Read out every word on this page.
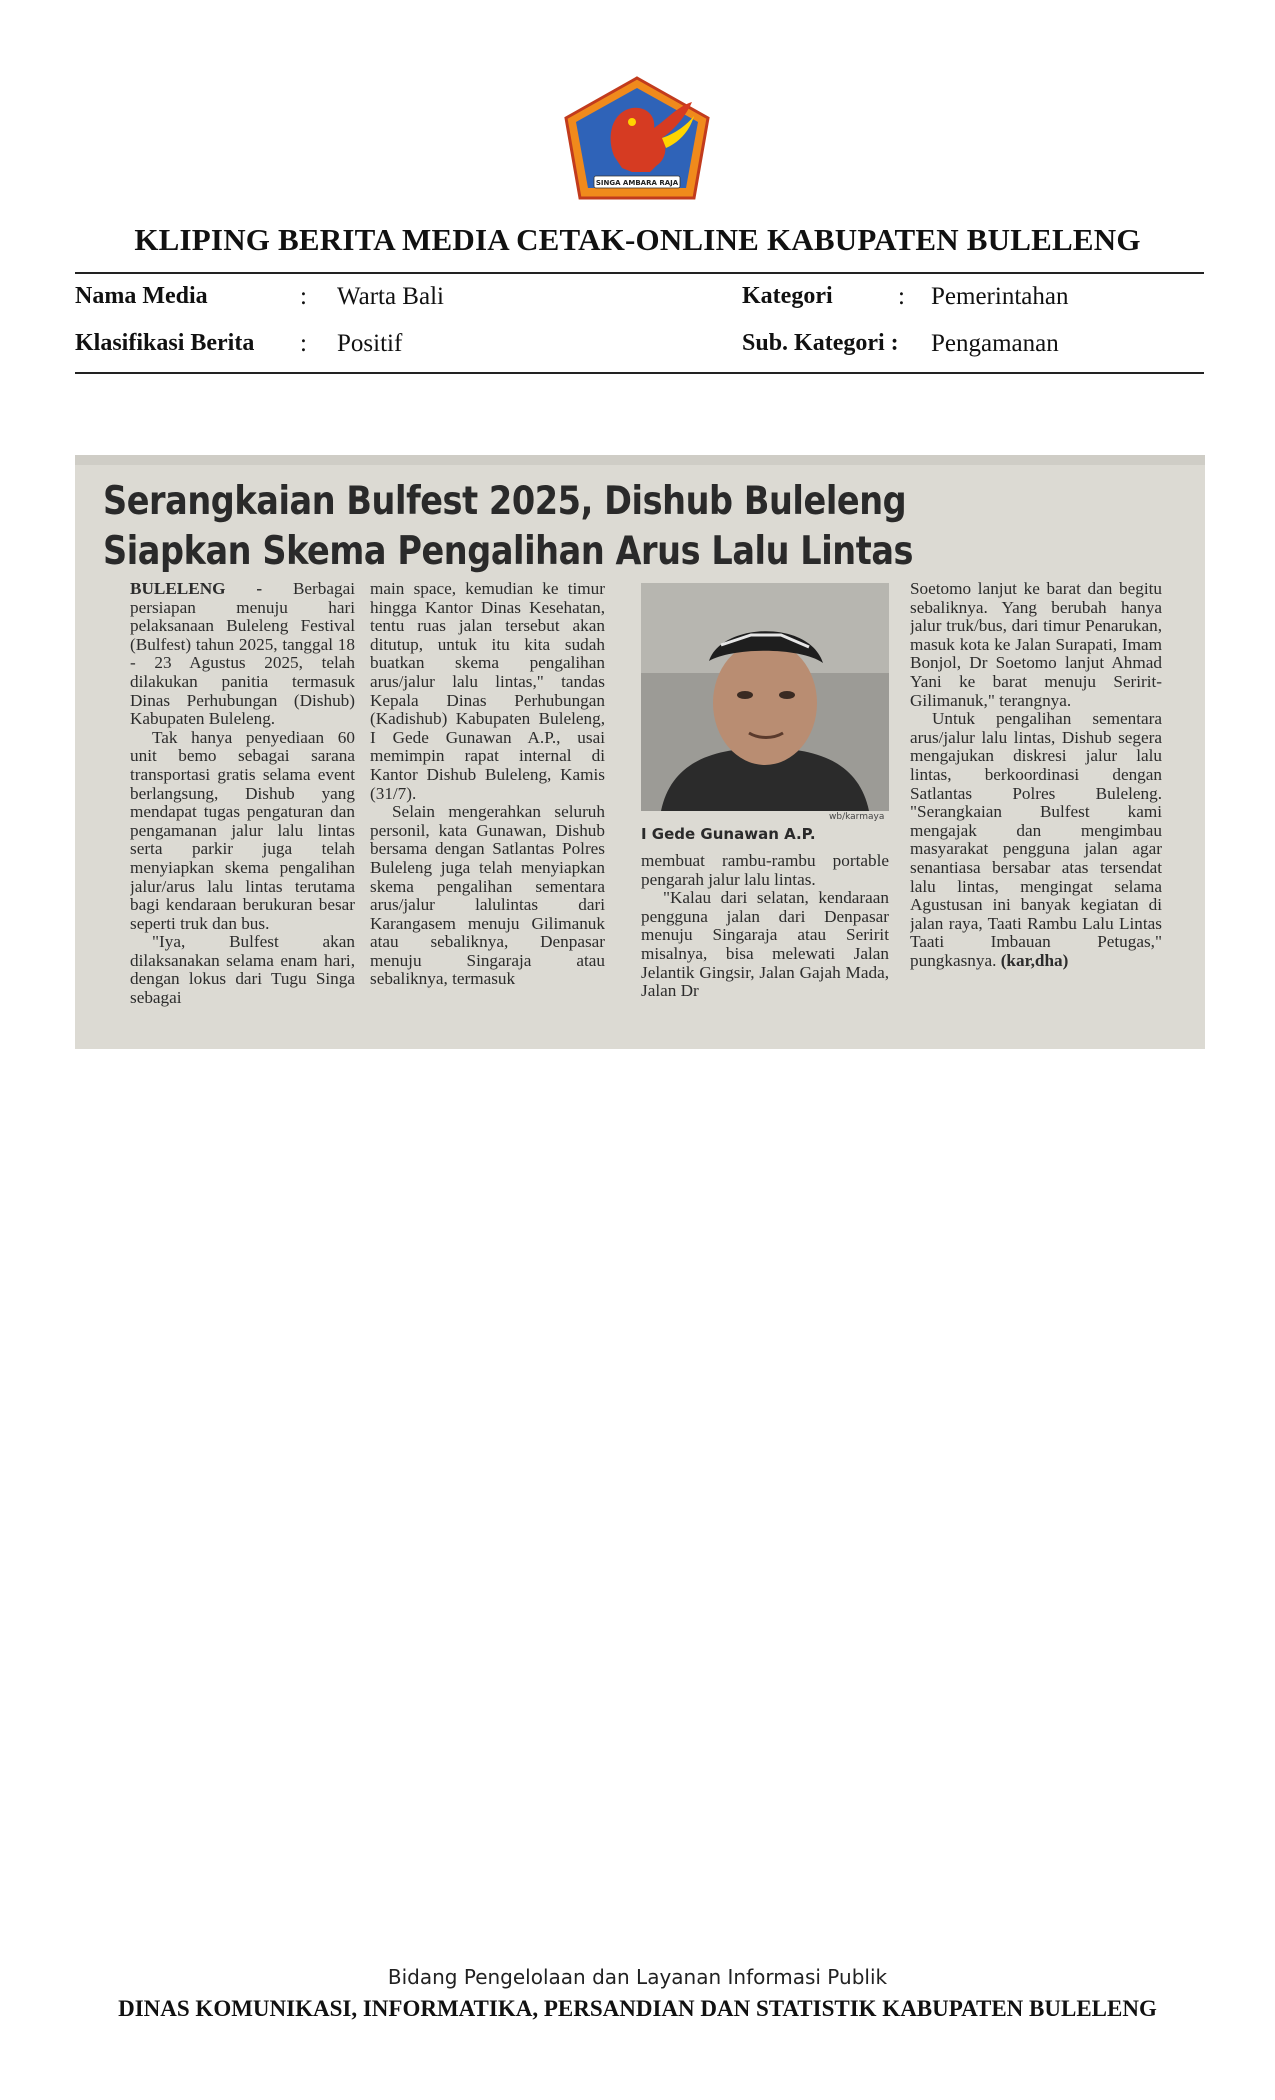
SINGA AMBARA RAJA
KLIPING BERITA MEDIA CETAK-ONLINE KABUPATEN BULELENG
Nama Media	: Warta Bali	Kategori	: Pemerintahan
Klasifikasi Berita : Positif	Sub. Kategori : Pengamanan
Serangkaian Bulfest 2025, Dishub Buleleng Siapkan Skema Pengalihan Arus Lalu Lintas

BULELENG - Berbagai persiapan menuju hari pelaksanaan Buleleng Festival (Bulfest) tahun 2025, tanggal 18 - 23 Agustus 2025, telah dilakukan panitia termasuk Dinas Perhubungan (Dishub) Kabupaten Buleleng.

Tak hanya penyediaan 60 unit bemo sebagai sarana transportasi gratis selama event berlangsung, Dishub yang mendapat tugas pengaturan dan pengamanan jalur lalu lintas serta parkir juga telah menyiapkan skema pengalihan jalur/arus lalu lintas terutama bagi kendaraan berukuran besar seperti truk dan bus.

"Iya, Bulfest akan dilaksanakan selama enam hari, dengan lokus dari Tugu Singa sebagai

main space, kemudian ke timur hingga Kantor Dinas Kesehatan, tentu ruas jalan tersebut akan ditutup, untuk itu kita sudah buatkan skema pengalihan arus/jalur lalu lintas," tandas Kepala Dinas Perhubungan (Kadishub) Kabupaten Buleleng, I Gede Gunawan A.P., usai memimpin rapat internal di Kantor Dishub Buleleng, Kamis (31/7).

Selain mengerahkan seluruh personil, kata Gunawan, Dishub bersama dengan Satlantas Polres Buleleng juga telah menyiapkan skema pengalihan sementara arus/jalur lalulintas dari Karangasem menuju Gilimanuk atau sebaliknya, Denpasar menuju Singaraja atau sebaliknya, termasuk

wb/karmaya
I Gede Gunawan A.P.

membuat rambu-rambu portable pengarah jalur lalu lintas.

"Kalau dari selatan, kendaraan pengguna jalan dari Denpasar menuju Singaraja atau Seririt misalnya, bisa melewati Jalan Jelantik Gingsir, Jalan Gajah Mada, Jalan Dr

Soetomo lanjut ke barat dan begitu sebaliknya. Yang berubah hanya jalur truk/bus, dari timur Penarukan, masuk kota ke Jalan Surapati, Imam Bonjol, Dr Soetomo lanjut Ahmad Yani ke barat menuju Seririt-Gilimanuk," terangnya.

Untuk pengalihan sementara arus/jalur lalu lintas, Dishub segera mengajukan diskresi jalur lalu lintas, berkoordinasi dengan Satlantas Polres Buleleng. "Serangkaian Bulfest kami mengajak dan mengimbau masyarakat pengguna jalan agar senantiasa bersabar atas tersendat lalu lintas, mengingat selama Agustusan ini banyak kegiatan di jalan raya, Taati Rambu Lalu Lintas Taati Imbauan Petugas," pungkasnya. (kar,dha)

Bidang Pengelolaan dan Layanan Informasi Publik
DINAS KOMUNIKASI, INFORMATIKA, PERSANDIAN DAN STATISTIK KABUPATEN BULELENG
